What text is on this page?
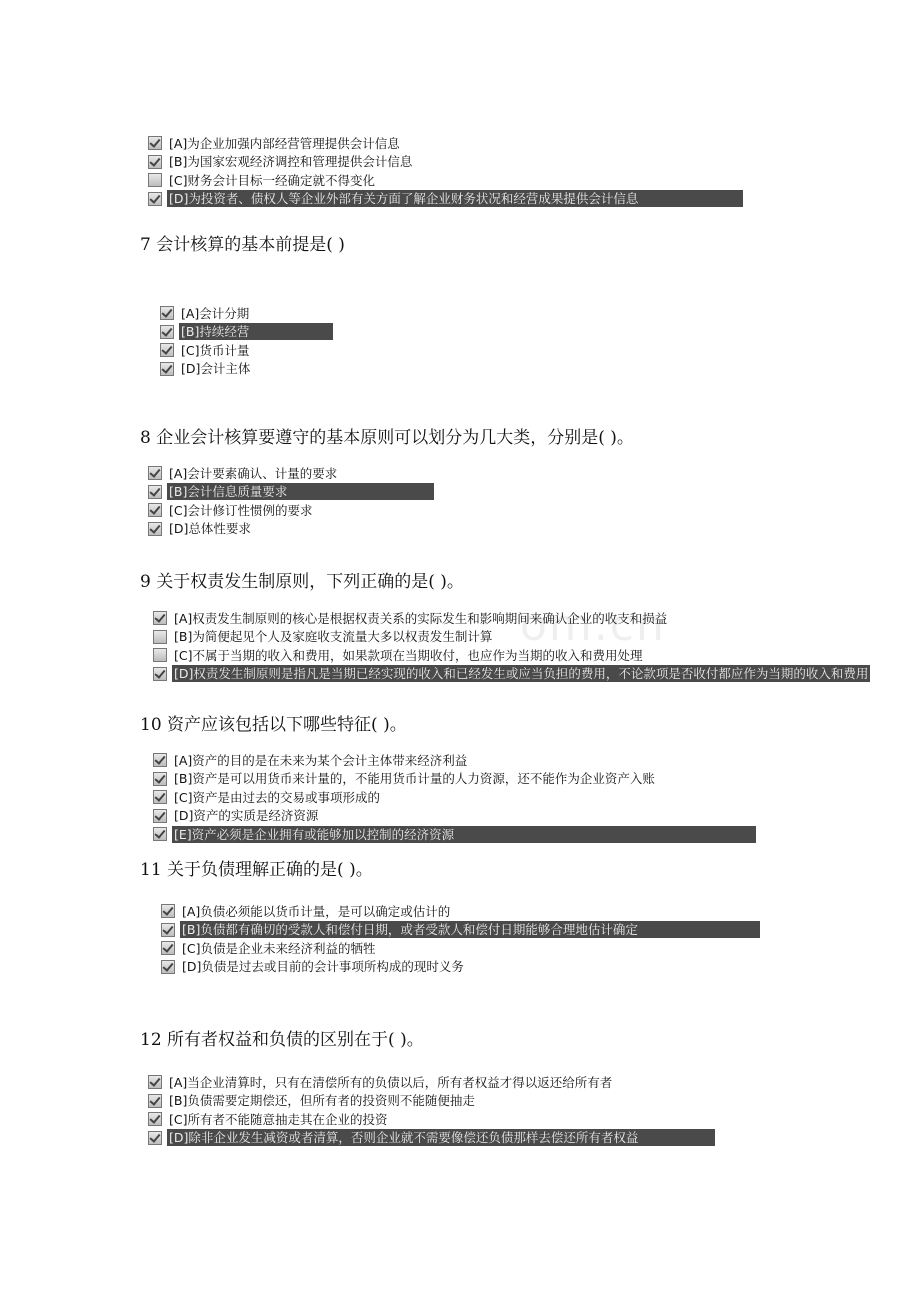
om.cn
[A]为企业加强内部经营管理提供会计信息
[B]为国家宏观经济调控和管理提供会计信息
[C]财务会计目标一经确定就不得变化
[D]为投资者、债权人等企业外部有关方面了解企业财务状况和经营成果提供会计信息
7 会计核算的基本前提是( )
[A]会计分期
[B]持续经营
[C]货币计量
[D]会计主体
8 企业会计核算要遵守的基本原则可以划分为几大类，分别是( )。
[A]会计要素确认、计量的要求
[B]会计信息质量要求
[C]会计修订性惯例的要求
[D]总体性要求
9 关于权责发生制原则，下列正确的是( )。
[A]权责发生制原则的核心是根据权责关系的实际发生和影响期间来确认企业的收支和损益
[B]为简便起见个人及家庭收支流量大多以权责发生制计算
[C]不属于当期的收入和费用，如果款项在当期收付，也应作为当期的收入和费用处理
[D]权责发生制原则是指凡是当期已经实现的收入和已经发生或应当负担的费用，不论款项是否收付都应作为当期的收入和费用
10 资产应该包括以下哪些特征( )。
[A]资产的目的是在未来为某个会计主体带来经济利益
[B]资产是可以用货币来计量的，不能用货币计量的人力资源，还不能作为企业资产入账
[C]资产是由过去的交易或事项形成的
[D]资产的实质是经济资源
[E]资产必须是企业拥有或能够加以控制的经济资源
11 关于负债理解正确的是( )。
[A]负债必须能以货币计量，是可以确定或估计的
[B]负债都有确切的受款人和偿付日期，或者受款人和偿付日期能够合理地估计确定
[C]负债是企业未来经济利益的牺牲
[D]负债是过去或目前的会计事项所构成的现时义务
12 所有者权益和负债的区别在于( )。
[A]当企业清算时，只有在清偿所有的负债以后，所有者权益才得以返还给所有者
[B]负债需要定期偿还，但所有者的投资则不能随便抽走
[C]所有者不能随意抽走其在企业的投资
[D]除非企业发生减资或者清算，否则企业就不需要像偿还负债那样去偿还所有者权益
